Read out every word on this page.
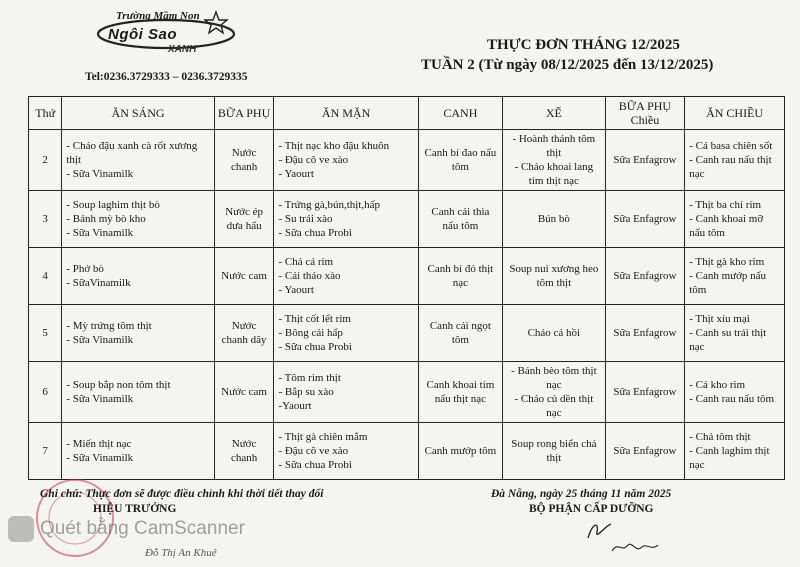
Trường Mầm Non
Ngôi Sao
XANH
Tel:0236.3729333 – 0236.3729335
THỰC ĐƠN THÁNG 12/2025
TUẦN 2 (Từ ngày 08/12/2025 đến 13/12/2025)
Thứ	ĂN SÁNG	BỮA PHỤ	ĂN MẶN	CANH	XẾ	BỮA PHỤ Chiều	ĂN CHIỀU
2	- Cháo đậu xanh cà rốt xương thịt
- Sữa Vinamilk	Nước chanh	- Thịt nạc kho đậu khuôn
- Đậu cô ve xào
- Yaourt	Canh bí đao nấu tôm	- Hoành thánh tôm thịt
- Cháo khoai lang tím thịt nạc	Sữa Enfagrow	- Cá basa chiên sốt
- Canh rau nấu thịt nạc

3	- Soup laghim thịt bò
- Bánh mỳ bò kho
- Sữa Vinamilk	Nước ép dưa hấu	- Trứng gà,bún,thịt,hấp
- Su trái xào
- Sữa chua Probi	Canh cải thìa nấu tôm	Bún bò	Sữa Enfagrow	- Thịt ba chỉ rim
- Canh khoai mỡ nấu tôm

4	- Phở bò
- SữaVinamilk	Nước cam	- Chả cá rim
- Cải thảo xào
- Yaourt	Canh bí đỏ thịt nạc	Soup nui xương heo tôm thịt	Sữa Enfagrow	- Thịt gà kho rim
- Canh mướp nấu tôm

5	- Mỳ trứng tôm thịt
- Sữa Vinamilk	Nước chanh dây	- Thịt cốt lết rim
- Bông cải hấp
- Sữa chua Probi	Canh cải ngọt tôm	Cháo cá hồi	Sữa Enfagrow	- Thịt xíu mại
- Canh su trái thịt nạc

6	- Soup bắp non tôm thịt
- Sữa Vinamilk	Nước cam	- Tôm rim thịt
- Bắp su xào
-Yaourt	Canh khoai tím nấu thịt nạc	- Bánh bèo tôm thịt nạc
- Cháo củ dền thịt nạc	Sữa Enfagrow	- Cá kho rim
- Canh rau nấu tôm

7	- Miến thịt nạc
- Sữa Vinamilk	Nước chanh	- Thịt gà chiên mắm
- Đậu cô ve xào
- Sữa chua Probi	Canh mướp tôm	Soup rong biển chả thịt	Sữa Enfagrow	- Chả tôm thịt
- Canh laghim thịt nạc
Ghi chú: Thực đơn sẽ được điều chỉnh khi thời tiết thay đổi	Đà Nẵng, ngày 25 tháng 11 năm 2025
HIỆU TRƯỞNG	BỘ PHẬN CẤP DƯỠNG
Quét bằng CamScanner
Đỗ Thị An Khuê
